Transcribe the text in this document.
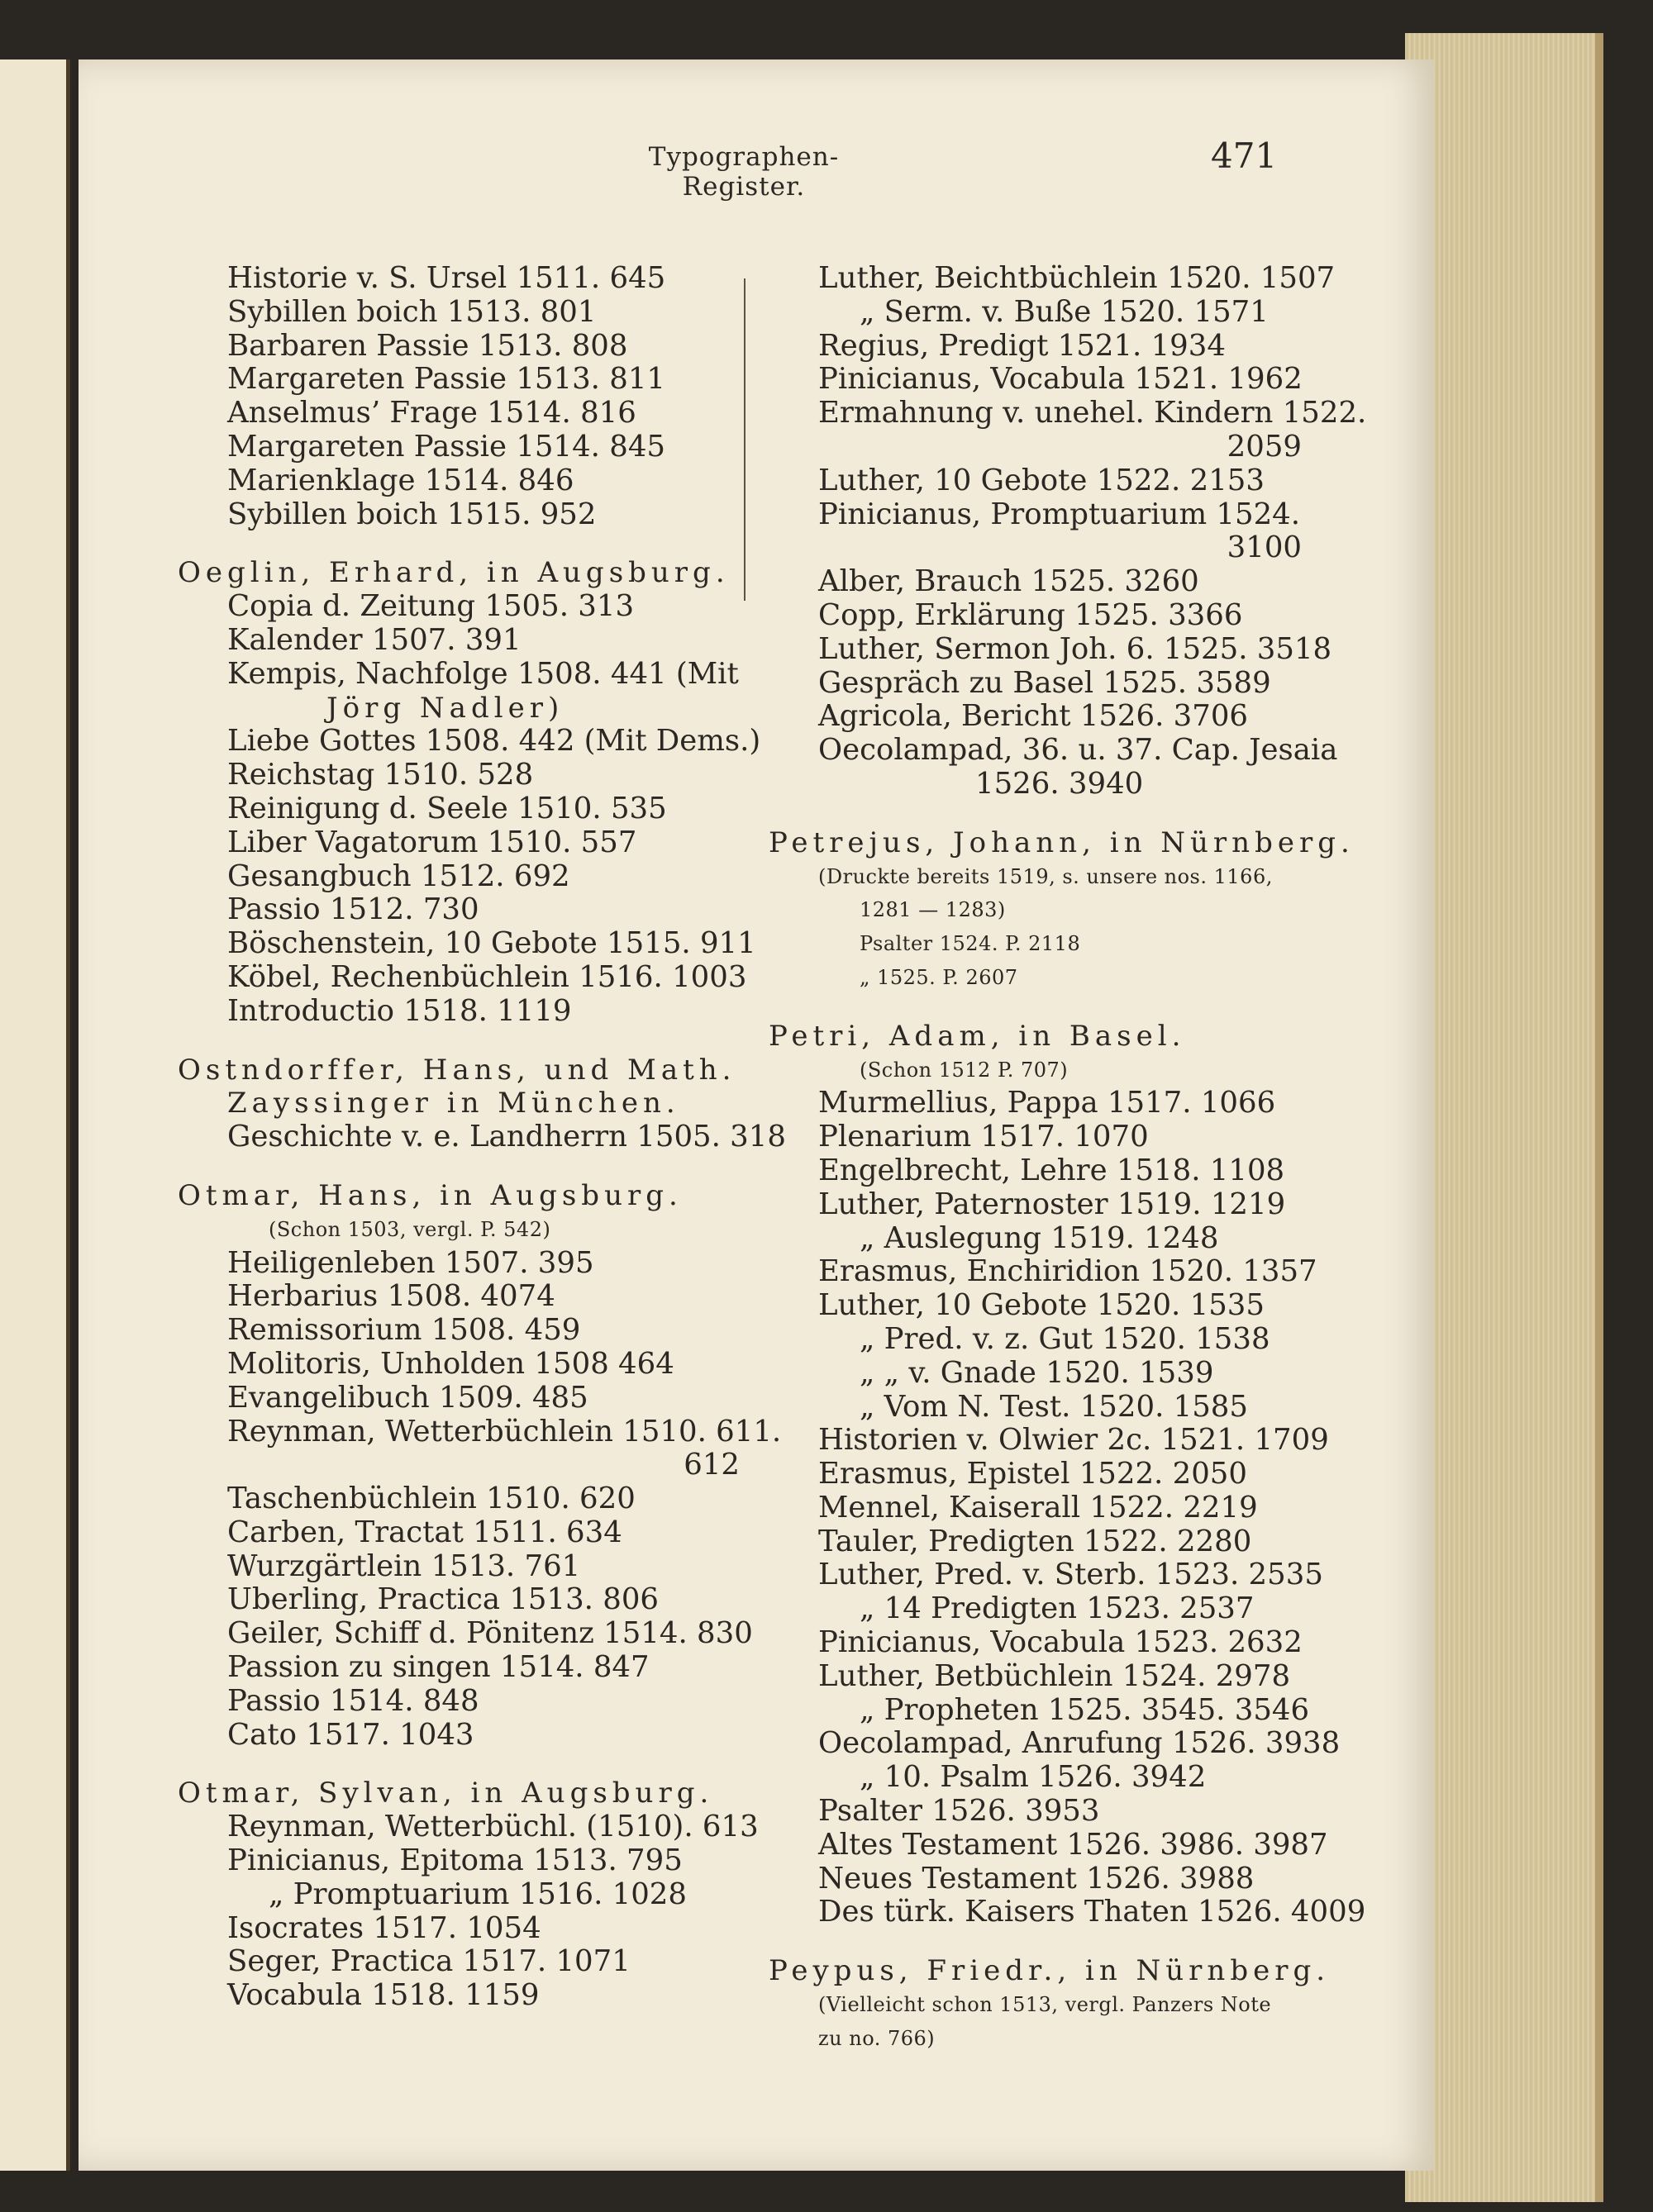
Typographen-Register.
471

Historie v. S. Ursel 1511. 645

Sybillen boich 1513. 801

Barbaren Passie 1513. 808

Margareten Passie 1513. 811

Anselmus’ Frage 1514. 816

Margareten Passie 1514. 845

Marienklage 1514. 846

Sybillen boich 1515. 952

Oeglin, Erhard, in Augsburg.

Copia d. Zeitung 1505. 313

Kalender 1507. 391

Kempis, Nachfolge 1508. 441 (Mit

Jörg Nadler)

Liebe Gottes 1508. 442 (Mit Dems.)

Reichstag 1510. 528

Reinigung d. Seele 1510. 535

Liber Vagatorum 1510. 557

Gesangbuch 1512. 692

Passio 1512. 730

Böschenstein, 10 Gebote 1515. 911

Köbel, Rechenbüchlein 1516. 1003

Introductio 1518. 1119

Ostndorffer, Hans, und Math.

Zayssinger in München.

Geschichte v. e. Landherrn 1505. 318

Otmar, Hans, in Augsburg.

(Schon 1503, vergl. P. 542)

Heiligenleben 1507. 395

Herbarius 1508. 4074

Remissorium 1508. 459

Molitoris, Unholden 1508 464

Evangelibuch 1509. 485

Reynman, Wetterbüchlein 1510. 611.

612

Taschenbüchlein 1510. 620

Carben, Tractat 1511. 634

Wurzgärtlein 1513. 761

Uberling, Practica 1513. 806

Geiler, Schiff d. Pönitenz 1514. 830

Passion zu singen 1514. 847

Passio 1514. 848

Cato 1517. 1043

Otmar, Sylvan, in Augsburg.

Reynman, Wetterbüchl. (1510). 613

Pinicianus, Epitoma 1513. 795

„ Promptuarium 1516. 1028

Isocrates 1517. 1054

Seger, Practica 1517. 1071

Vocabula 1518. 1159

Luther, Beichtbüchlein 1520. 1507

„ Serm. v. Buße 1520. 1571

Regius, Predigt 1521. 1934

Pinicianus, Vocabula 1521. 1962

Ermahnung v. unehel. Kindern 1522.

2059

Luther, 10 Gebote 1522. 2153

Pinicianus, Promptuarium 1524.

3100

Alber, Brauch 1525. 3260

Copp, Erklärung 1525. 3366

Luther, Sermon Joh. 6. 1525. 3518

Gespräch zu Basel 1525. 3589

Agricola, Bericht 1526. 3706

Oecolampad, 36. u. 37. Cap. Jesaia

1526. 3940

Petrejus, Johann, in Nürnberg.

(Druckte bereits 1519, s. unsere nos. 1166,

1281 — 1283)

Psalter 1524. P. 2118

„ 1525. P. 2607

Petri, Adam, in Basel.

(Schon 1512 P. 707)

Murmellius, Pappa 1517. 1066

Plenarium 1517. 1070

Engelbrecht, Lehre 1518. 1108

Luther, Paternoster 1519. 1219

„ Auslegung 1519. 1248

Erasmus, Enchiridion 1520. 1357

Luther, 10 Gebote 1520. 1535

„ Pred. v. z. Gut 1520. 1538

„ „ v. Gnade 1520. 1539

„ Vom N. Test. 1520. 1585

Historien v. Olwier 2c. 1521. 1709

Erasmus, Epistel 1522. 2050

Mennel, Kaiserall 1522. 2219

Tauler, Predigten 1522. 2280

Luther, Pred. v. Sterb. 1523. 2535

„ 14 Predigten 1523. 2537

Pinicianus, Vocabula 1523. 2632

Luther, Betbüchlein 1524. 2978

„ Propheten 1525. 3545. 3546

Oecolampad, Anrufung 1526. 3938

„ 10. Psalm 1526. 3942

Psalter 1526. 3953

Altes Testament 1526. 3986. 3987

Neues Testament 1526. 3988

Des türk. Kaisers Thaten 1526. 4009

Peypus, Friedr., in Nürnberg.

(Vielleicht schon 1513, vergl. Panzers Note

zu no. 766)
